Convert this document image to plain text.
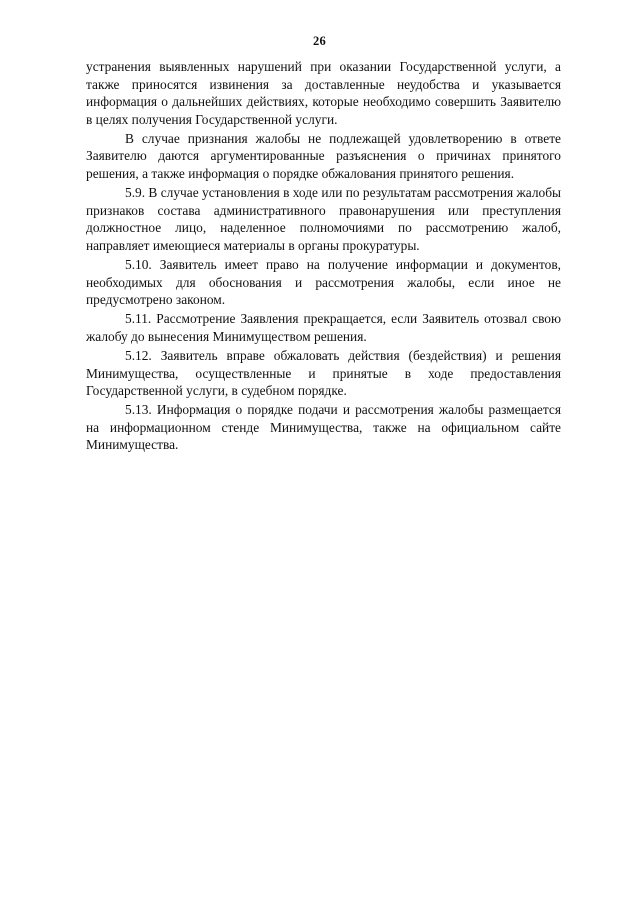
26

устранения выявленных нарушений при оказании Государственной услуги, а также приносятся извинения за доставленные неудобства и указывается информация о дальнейших действиях, которые необходимо совершить Заявителю в целях получения Государственной услуги.

В случае признания жалобы не подлежащей удовлетворению в ответе Заявителю даются аргументированные разъяснения о причинах принятого решения, а также информация о порядке обжалования принятого решения.

5.9. В случае установления в ходе или по результатам рассмотрения жалобы признаков состава административного правонарушения или преступления должностное лицо, наделенное полномочиями по рассмотрению жалоб, направляет имеющиеся материалы в органы прокуратуры.

5.10. Заявитель имеет право на получение информации и документов, необходимых для обоснования и рассмотрения жалобы, если иное не предусмотрено законом.

5.11. Рассмотрение Заявления прекращается, если Заявитель отозвал свою жалобу до вынесения Минимуществом решения.

5.12. Заявитель вправе обжаловать действия (бездействия) и решения Минимущества, осуществленные и принятые в ходе предоставления Государственной услуги, в судебном порядке.

5.13. Информация о порядке подачи и рассмотрения жалобы размещается на информационном стенде Минимущества, также на официальном сайте Минимущества.
